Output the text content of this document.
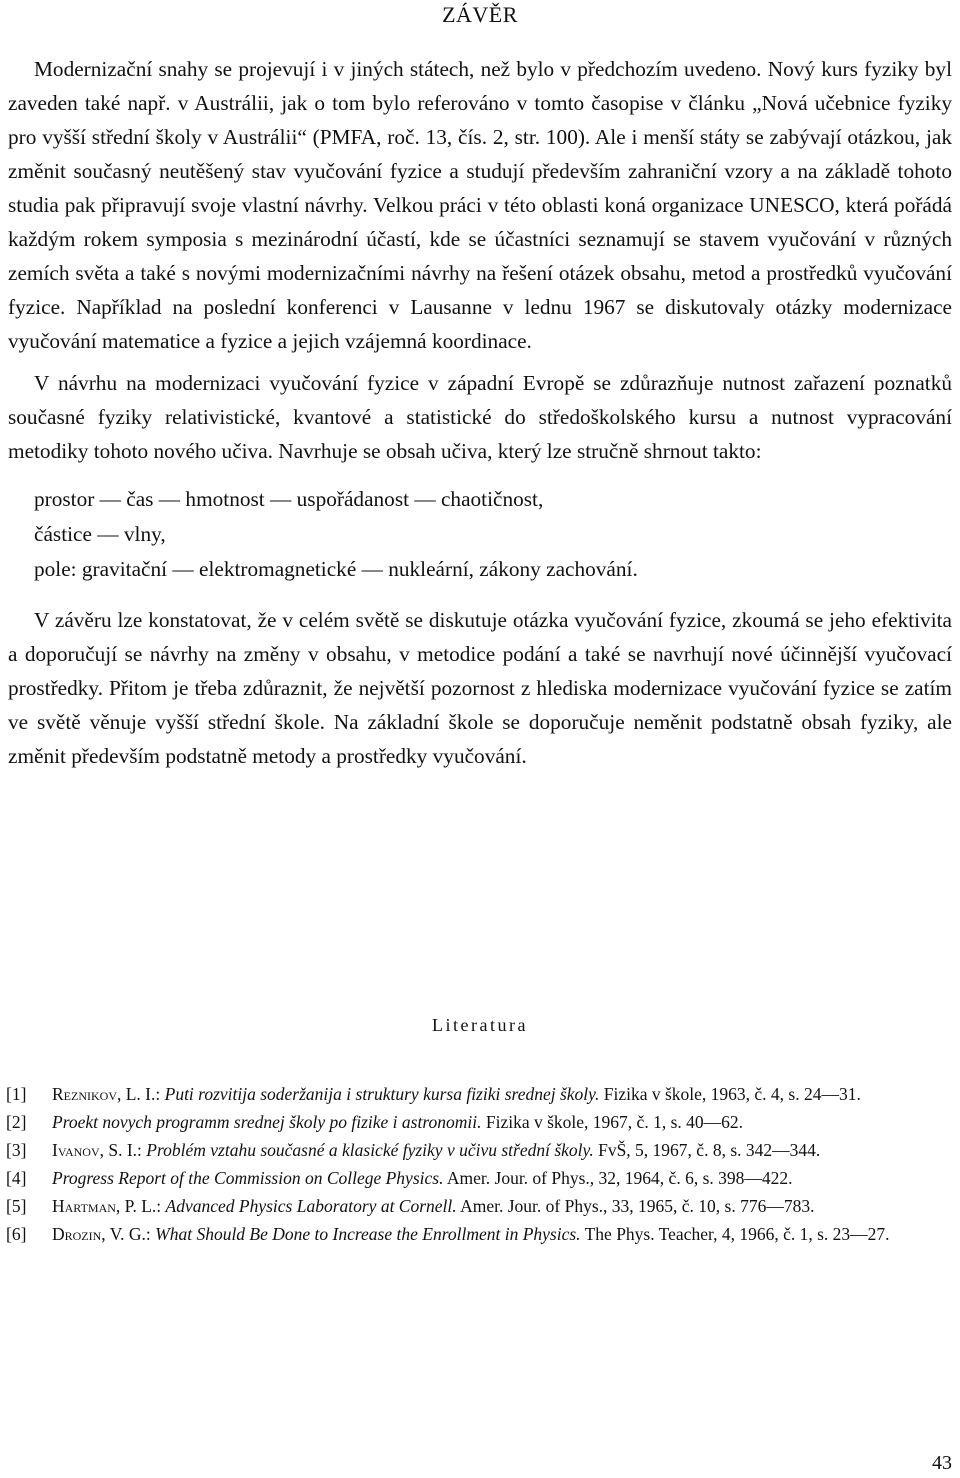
ZÁVĚR

Modernizační snahy se projevují i v jiných státech, než bylo v předchozím uvedeno. Nový kurs fyziky byl zaveden také např. v Austrálii, jak o tom bylo referováno v tomto časopise v článku „Nová učebnice fyziky pro vyšší střední školy v Austrálii“ (PMFA, roč. 13, čís. 2, str. 100). Ale i menší státy se zabývají otázkou, jak změnit současný neutěšený stav vyučování fyzice a studují především zahraniční vzory a na základě tohoto studia pak připravují svoje vlastní návrhy. Velkou práci v této oblasti koná organizace UNESCO, která pořádá každým rokem symposia s mezinárodní účastí, kde se účastníci seznamují se stavem vyučování v různých zemích světa a také s novými modernizačními návrhy na řešení otázek obsahu, metod a prostředků vyučování fyzice. Například na poslední konferenci v Lausanne v lednu 1967 se diskutovaly otázky modernizace vyučování matematice a fyzice a jejich vzájemná koordinace.

V návrhu na modernizaci vyučování fyzice v západní Evropě se zdůrazňuje nutnost zařazení poznatků současné fyziky relativistické, kvantové a statistické do středoškolského kursu a nutnost vypracování metodiky tohoto nového učiva. Navrhuje se obsah učiva, který lze stručně shrnout takto:

prostor — čas — hmotnost — uspořádanost — chaotičnost,
částice — vlny,
pole: gravitační — elektromagnetické — nukleární, zákony zachování.

V závěru lze konstatovat, že v celém světě se diskutuje otázka vyučování fyzice, zkoumá se jeho efektivita a doporučují se návrhy na změny v obsahu, v metodice podání a také se navrhují nové účinnější vyučovací prostředky. Přitom je třeba zdůraznit, že největší pozornost z hlediska modernizace vyučování fyzice se zatím ve světě věnuje vyšší střední škole. Na základní škole se doporučuje neměnit podstatně obsah fyziky, ale změnit především podstatně metody a prostředky vyučování.

Literatura
[1] Reznikov, L. I.: Puti rozvitija soderžanija i struktury kursa fiziki srednej školy. Fizika v škole, 1963, č. 4, s. 24—31.
[2] Proekt novych programm srednej školy po fizike i astronomii. Fizika v škole, 1967, č. 1, s. 40—62.
[3] Ivanov, S. I.: Problém vztahu současné a klasické fyziky v učivu střední školy. FvŠ, 5, 1967, č. 8, s. 342—344.
[4] Progress Report of the Commission on College Physics. Amer. Jour. of Phys., 32, 1964, č. 6, s. 398—422.
[5] Hartman, P. L.: Advanced Physics Laboratory at Cornell. Amer. Jour. of Phys., 33, 1965, č. 10, s. 776—783.
[6] Drozin, V. G.: What Should Be Done to Increase the Enrollment in Physics. The Phys. Teacher, 4, 1966, č. 1, s. 23—27.
43
